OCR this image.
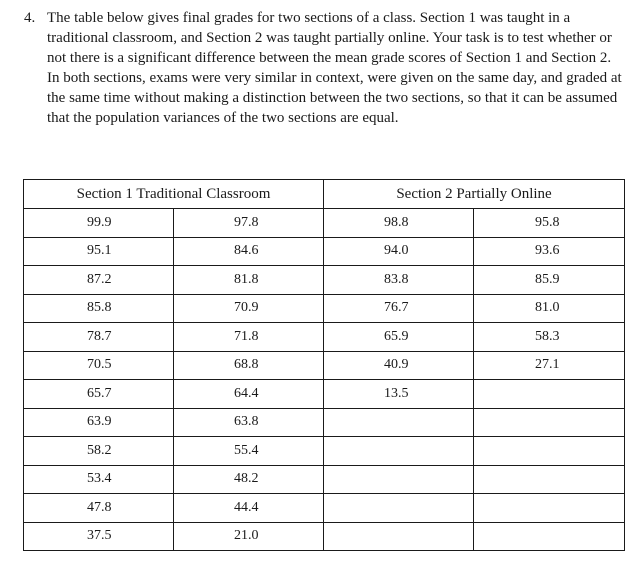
4. The table below gives final grades for two sections of a class. Section 1 was taught in a traditional classroom, and Section 2 was taught partially online. Your task is to test whether or not there is a significant difference between the mean grade scores of Section 1 and Section 2. In both sections, exams were very similar in context, were given on the same day, and graded at the same time without making a distinction between the two sections, so that it can be assumed that the population variances of the two sections are equal.
Section 1 Traditional Classroom		Section 2 Partially Online	
99.9	97.8	98.8	95.8
95.1	84.6	94.0	93.6
87.2	81.8	83.8	85.9
85.8	70.9	76.7	81.0
78.7	71.8	65.9	58.3
70.5	68.8	40.9	27.1
65.7	64.4	13.5	
63.9	63.8		
58.2	55.4		
53.4	48.2		
47.8	44.4		
37.5	21.0		
